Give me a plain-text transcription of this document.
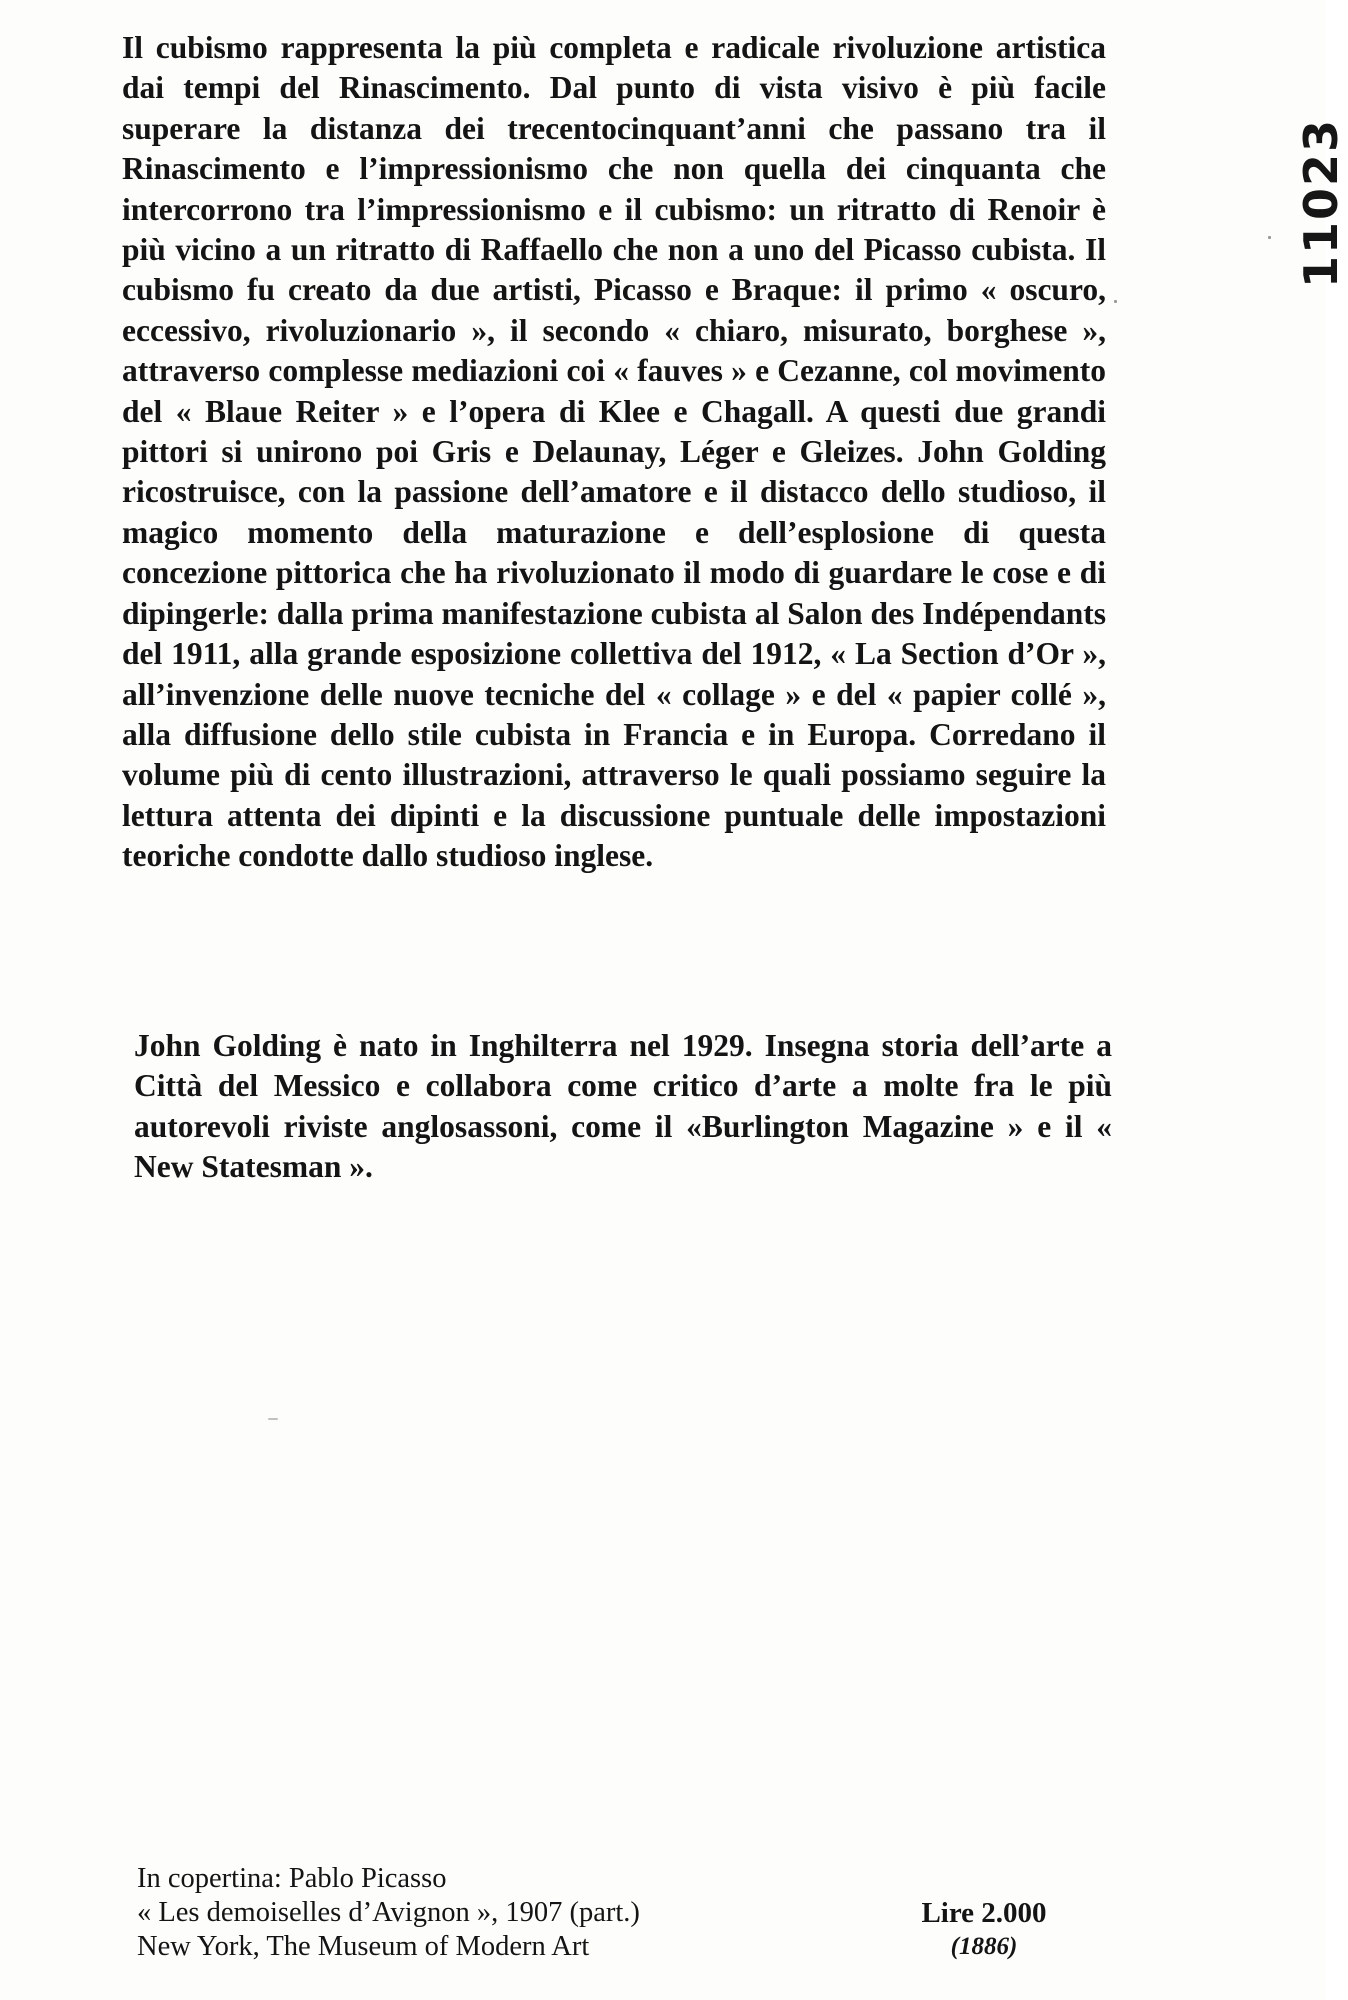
11023

Il cubismo rappresenta la più completa e radicale rivoluzione artistica dai tempi del Rinascimento. Dal punto di vista visivo è più facile superare la distanza dei trecentocinquant’anni che passano tra il Rinascimento e l’impressionismo che non quella dei cinquanta che intercorrono tra l’impressionismo e il cubismo: un ritratto di Renoir è più vicino a un ritratto di Raffaello che non a uno del Picasso cubista. Il cubismo fu creato da due artisti, Picasso e Braque: il primo « oscuro, eccessivo, rivoluzionario », il secondo « chiaro, misurato, borghese », attraverso complesse mediazioni coi « fauves » e Cezanne, col movimento del « Blaue Reiter » e l’opera di Klee e Chagall. A questi due grandi pittori si unirono poi Gris e Delaunay, Léger e Gleizes. John Golding ricostruisce, con la passione dell’amatore e il distacco dello studioso, il magico momento della maturazione e dell’esplosione di questa concezione pittorica che ha rivoluzionato il modo di guardare le cose e di dipingerle: dalla prima manifestazione cubista al Salon des Indépendants del 1911, alla grande esposizione collettiva del 1912, « La Section d’Or », all’invenzione delle nuove tecniche del « collage » e del « papier collé », alla diffusione dello stile cubista in Francia e in Europa. Corredano il volume più di cento illustrazioni, attraverso le quali possiamo seguire la lettura attenta dei dipinti e la discussione puntuale delle impostazioni teoriche condotte dallo studioso inglese.

John Golding è nato in Inghilterra nel 1929. Insegna storia dell’arte a Città del Messico e collabora come critico d’arte a molte fra le più autorevoli riviste anglosassoni, come il «Burlington Magazine » e il « New Statesman ».

In copertina: Pablo Picasso
« Les demoiselles d’Avignon », 1907 (part.)
New York, The Museum of Modern Art
Lire 2.000
(1886)
